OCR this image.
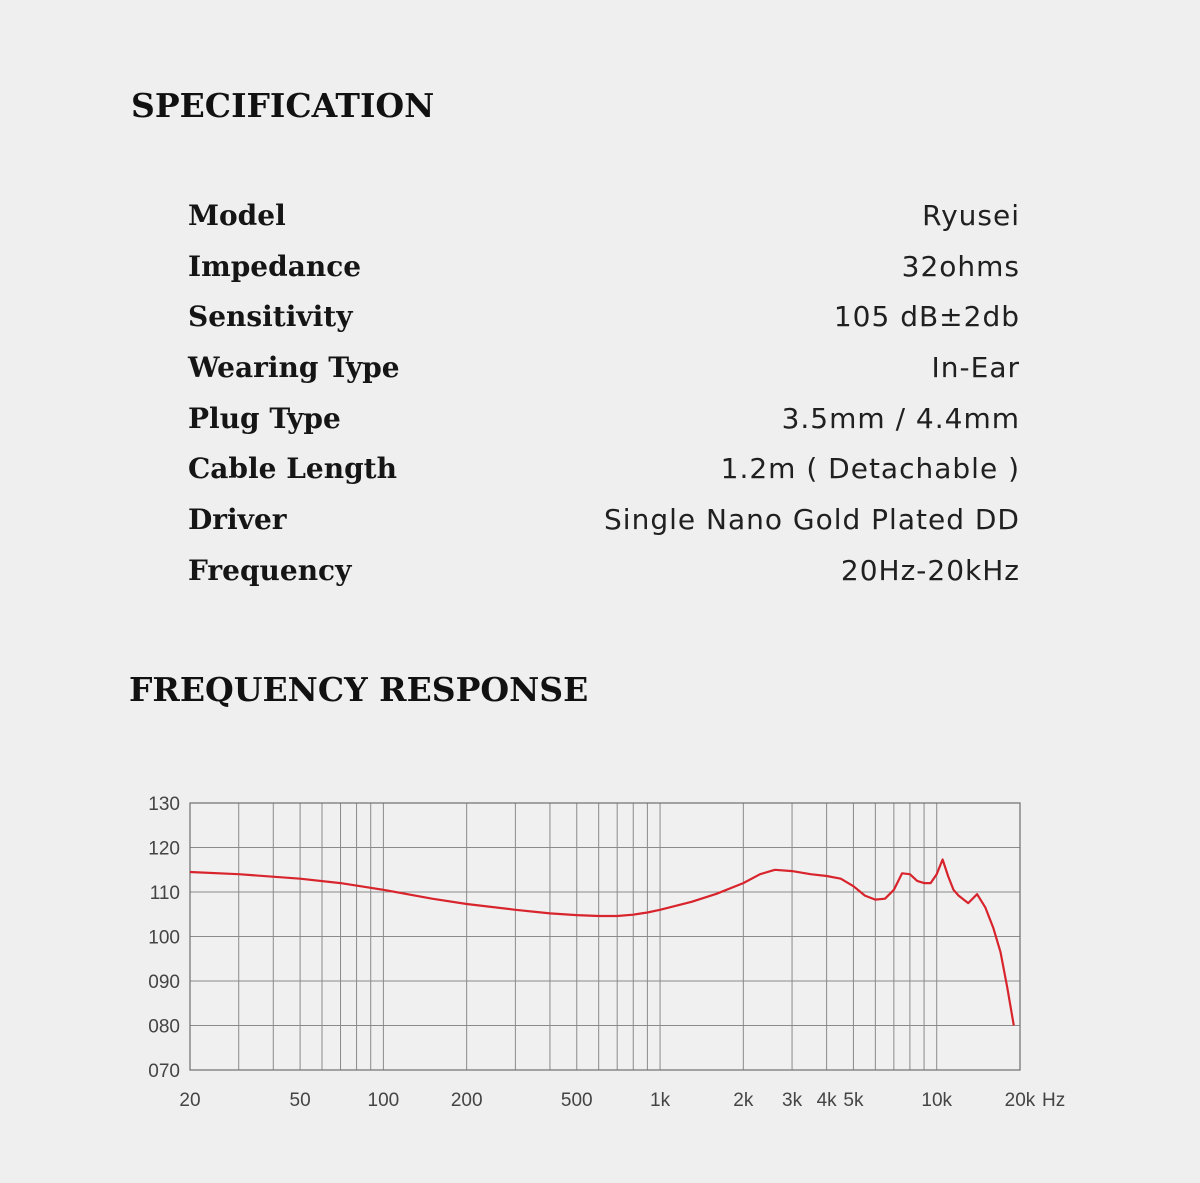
SPECIFICATION
Model	Ryusei
Impedance	32ohms
Sensitivity	105 dB±2db
Wearing Type	In-Ear
Plug Type	3.5mm / 4.4mm
Cable Length	1.2m ( Detachable )
Driver	Single Nano Gold Plated DD
Frequency	20Hz-20kHz
FREQUENCY RESPONSE
130
120
110
100
090
080
070
20	50	100	200	500	1k	2k 3k 4k 5k	10k	20k Hz
